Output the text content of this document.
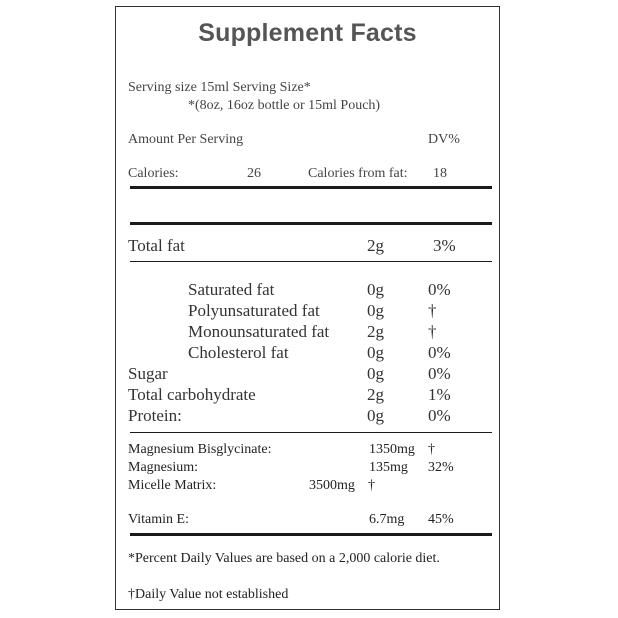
Supplement Facts
Serving size 15ml Serving Size*
*(8oz, 16oz bottle or 15ml Pouch)
Amount Per Serving	DV%
Calories:	26	Calories from fat: 18
Total fat	2g	3%
Saturated fat	0g	0%
Polyunsaturated fat	0g	†
Monounsaturated fat 2g	†
Cholesterol fat	0g	0%
Sugar	0g	0%
Total carbohydrate	2g	1%
Protein:	0g	0%
Magnesium Bisglycinate:	1350mg †
Magnesium:	135mg 32%
Micelle Matrix:	3500mg †
Vitamin E:	6.7mg 45%
*Percent Daily Values are based on a 2,000 calorie diet.
†Daily Value not established
